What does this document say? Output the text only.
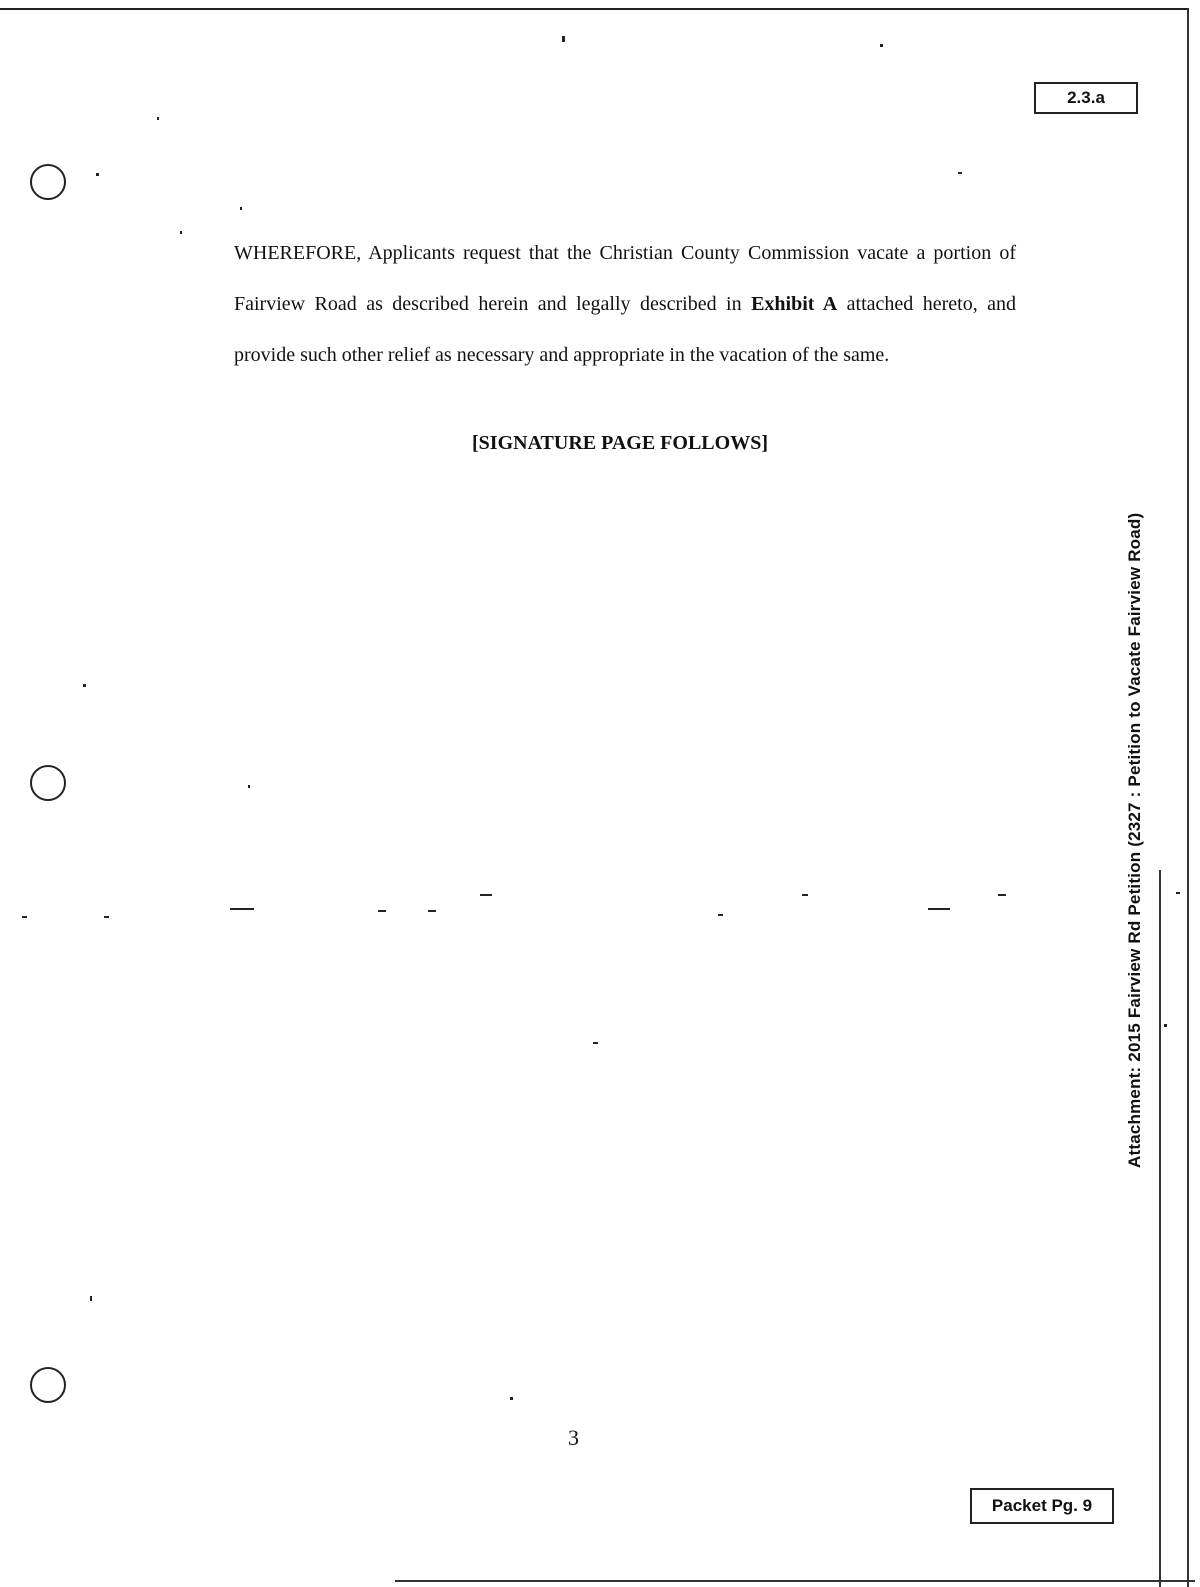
2.3.a

WHEREFORE, Applicants request that the Christian County Commission vacate a portion of Fairview Road as described herein and legally described in Exhibit A attached hereto, and provide such other relief as necessary and appropriate in the vacation of the same.

[SIGNATURE PAGE FOLLOWS]
Attachment: 2015 Fairview Rd Petition (2327 : Petition to Vacate Fairview Road)
3
Packet Pg. 9
